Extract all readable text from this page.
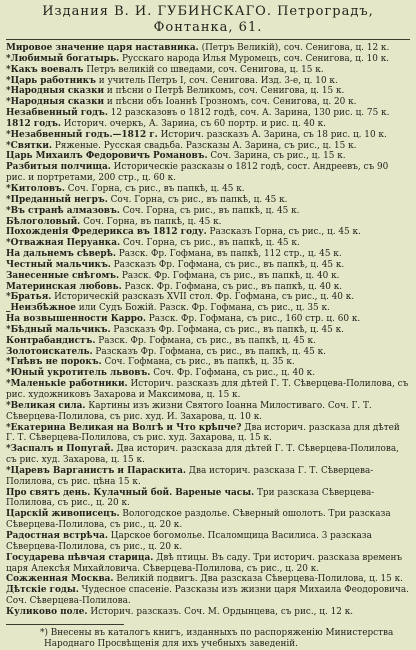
Издания В. И. ГУБИНСКАГО. Петроградъ, Фонтанка, 61.
Мировое значение царя наставника. (Петръ Великій), соч. Сенигова, ц. 12 к.
*Любимый богатырь. Русскаго народа Илья Муромецъ, соч. Сенигова, ц. 10 к.
*Какъ воевалъ Петръ великій со шведами, соч. Сенигова, ц. 15 к.
*Царь работникъ и учитель Петръ I, соч. Сенигова. Изд. 3-е, ц. 10 к.
*Народныя сказки и пѣсни о Петрѣ Великомъ, соч. Сенигова, ц. 15 к.
*Народныя сказки и пѣсни объ Іоаннѣ Грозномъ, соч. Сенигова, ц. 20 к.
Незабвенный годъ. 12 разсказовъ о 1812 годѣ, соч. А. Зарина, 130 рис. ц. 75 к.
1812 годъ. Историч. очеркъ, А. Зарина, съ 60 портр. и рис. ц. 40 к.
*Незабвенный годъ.—1812 г. Историч. разсказъ А. Зарина, съ 18 рис. ц. 10 к.
*Святки. Ряженые. Русская свадьба. Разсказы А. Зарина, съ рис., ц. 15 к.
Царь Михаилъ Федоровичъ Романовъ. Соч. Зарина, съ рис., ц. 15 к.
Разбитыя полчища. Историческіе разсказы о 1812 годѣ, сост. Андреевъ, съ 90 рис. и портретами, 200 стр., ц. 60 к.
*Китоловъ. Соч. Горна, съ рис., въ папкѣ, ц. 45 к.
*Преданный негръ. Соч. Горна, съ рис., въ папкѣ, ц. 45 к.
*Въ странѣ алмазовъ. Соч. Горна, съ рис., въ папкѣ, ц. 45 к.
Бѣлоголовый. Соч. Горна, въ папкѣ, ц. 45 к.
Похожденія Фредерикса въ 1812 году. Разсказъ Горна, съ рис., ц. 45 к.
*Отважная Перуанка. Соч. Горна, съ рис., въ папкѣ, ц. 45 к.
На дальнемъ сѣверѣ. Разск. Фр. Гофмана, въ папкѣ, 112 стр., ц. 45 к.
Честный мальчикъ. Разсказъ Фр. Гофмана, съ рис., въ папкѣ, ц. 45 к.
Занесенные снѣгомъ. Разск. Фр. Гофмана, съ рис., въ папкѣ, ц. 40 к.
Материнская любовь. Разск. Фр. Гофмана, съ рис., въ папкѣ, ц. 40 к.
*Братья. Историческій разсказъ XVII стол. Фр. Гофмана, съ рис., ц. 40 к.
_Неизбѣжное или Судъ Божій. Разск. Фр. Гофмана, съ рис., ц. 35 к.
На возвышенности Карро. Разск. Фр. Гофмана, съ рис., 160 стр. ц. 60 к.
*Бѣдный мальчикъ. Разсказъ Фр. Гофмана, съ рис., въ папкѣ, ц. 45 к.
Контрабандистъ. Разск. Фр. Гофмана, съ рис., въ папкѣ, ц. 45 к.
Золотоискатель. Разсказъ Фр. Гофмана, съ рис., въ папкѣ, ц. 45 к.
*Гнѣвъ не порокъ. Соч. Гофмана, съ рис., въ папкѣ, ц. 35 к.
*Юный укротитель львовъ. Соч. Фр. Гофмана, съ рис., ц. 40 к.
*Маленькіе работники. Историч. разсказъ для дѣтей Г. Т. Сѣверцева-Полилова, съ рис. художниковъ Захарова и Максимова, ц. 15 к.
*Великая сила. Картины изъ жизни Святого Іоанна Милостиваго. Соч. Г. Т. Сѣверцева-Полилова, съ рис. худ. И. Захарова, ц. 10 к.
*Екатерина Великая на Волгѣ и Что крѣпче? Два историч. разсказа для дѣтей Г. Т. Сѣверцева-Полилова, съ рис. худ. Захарова, ц. 15 к.
*Заспалъ и Попугай. Два историч. разсказа для дѣтей Г. Т. Сѣверцева-Полилова, съ рис. худ. Захарова, ц. 15 к.
*Царевъ Варганистъ и Параскита. Два историч. разсказа Г. Т. Сѣверцева-Полилова, съ рис. цѣна 15 к.
Про святъ день. Кулачный бой. Вареные часы. Три разсказа Сѣверцева-Полилова, съ рис., ц. 20 к.
Царскій живописецъ. Вологодское раздолье. Сѣверный ошолотъ. Три разсказа Сѣверцева-Полилова, съ рис., ц. 20 к.
Радостная встрѣча. Царское богомолье. Псаломщица Василиса. 3 разсказа Сѣверцева-Полилова, съ рис., ц. 20 к.
Государева пѣвчая старица. Двѣ птицы. Въ саду. Три историч. разсказа временъ царя Алексѣя Михайловича. Сѣверцева-Полилова, съ рис., ц. 20 к.
Сожженная Москва. Великій подвигъ. Два разсказа Сѣверцева-Полилова, ц. 15 к.
Дѣтскіе годы. Чудесное спасеніе. Разсказы изъ жизни царя Михаила Феодоровича. Соч. Сѣверцева-Полилова.
Куликово поле. Историч. разсказъ. Соч. М. Ордынцева, съ рис., ц. 12 к.
*) Внесены въ каталогъ книгъ, изданныхъ по распоряженію Министерства Народнаго Просвѣщенія для ихъ учебныхъ заведеній.
